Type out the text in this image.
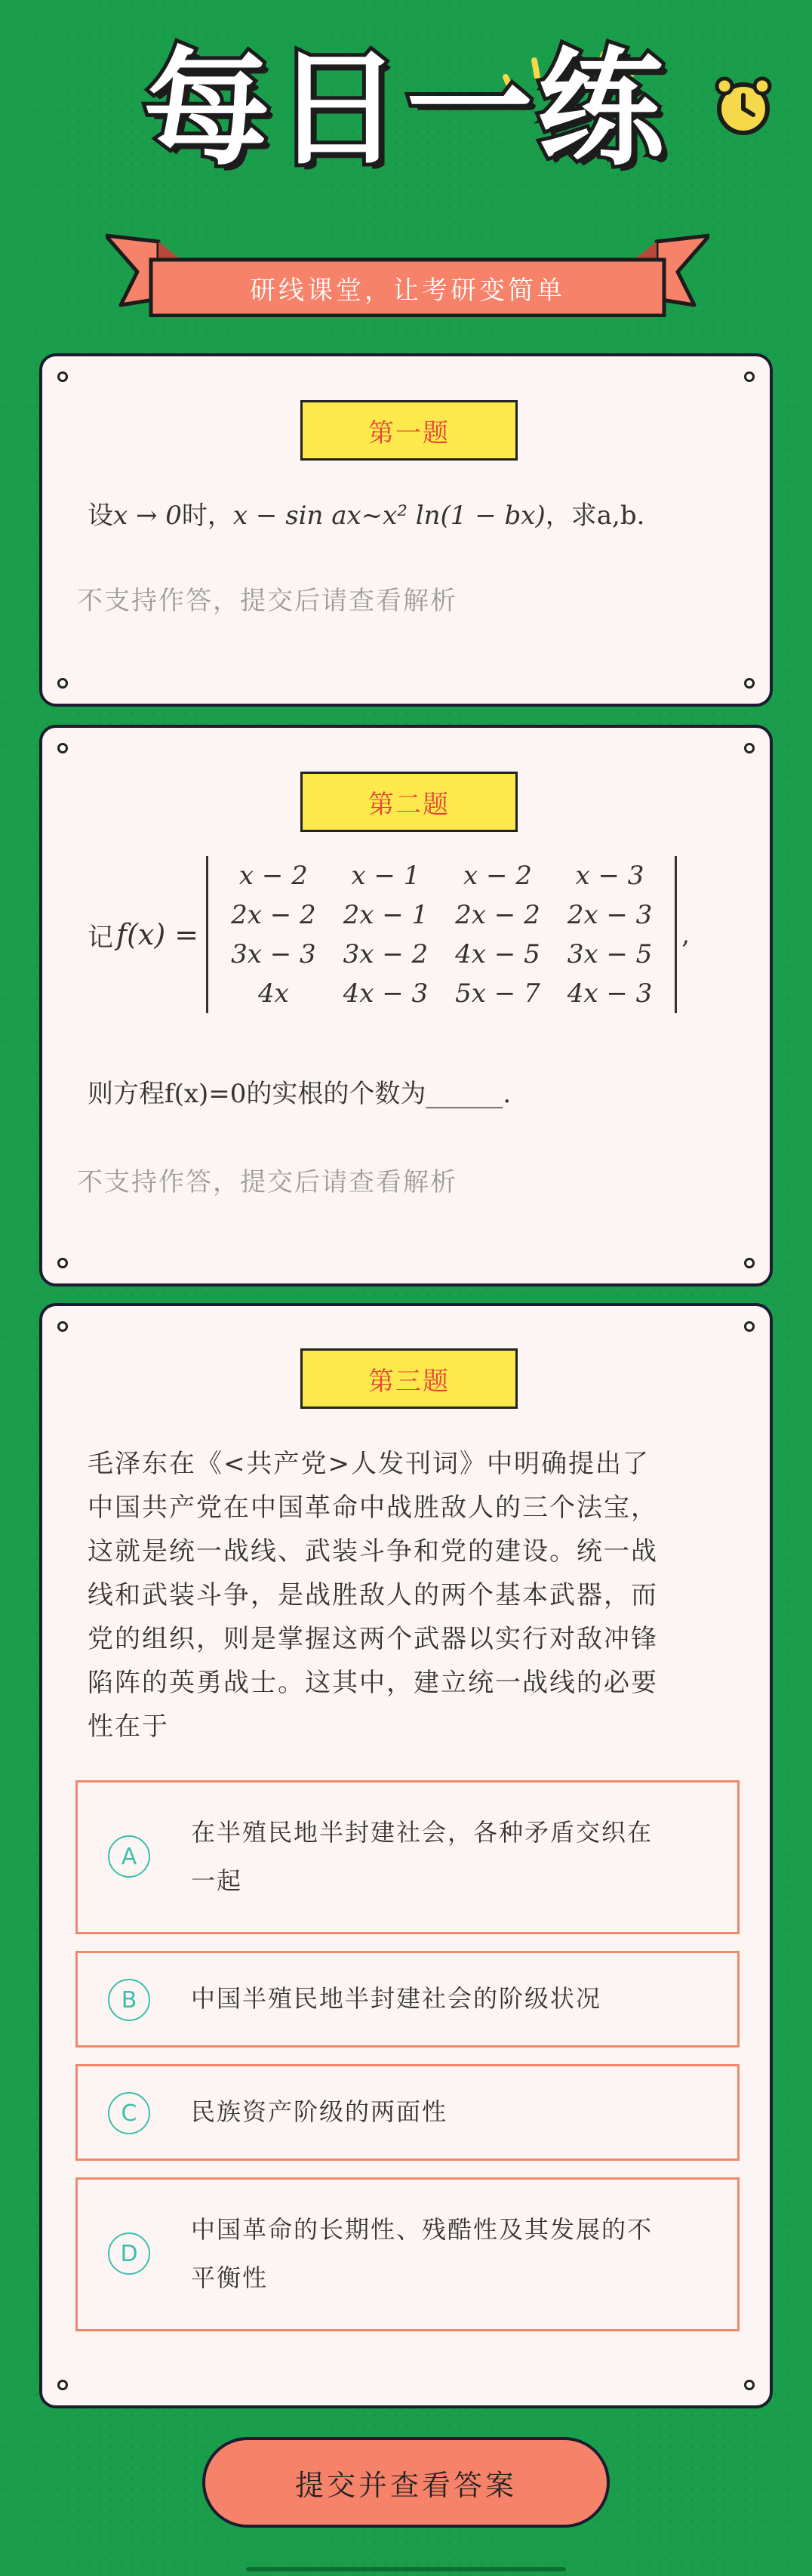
每日一练
研线课堂，让考研变简单
第一题
设x → 0时，x − sin ax~x² ln(1 − bx)，求a,b.
不支持作答，提交后请查看解析
第二题
记 f(x) =
x − 2	x − 1	x − 2	x − 3
2x − 2	2x − 1	2x − 2	2x − 3
3x − 3	3x − 2	4x − 5	3x − 5
4x	4x − 3	5x − 7	4x − 3
,
则方程f(x)=0的实根的个数为______.
不支持作答，提交后请查看解析
第三题
毛泽东在《<共产党>人发刊词》中明确提出了
中国共产党在中国革命中战胜敌人的三个法宝，
这就是统一战线、武装斗争和党的建设。统一战
线和武装斗争，是战胜敌人的两个基本武器，而
党的组织，则是掌握这两个武器以实行对敌冲锋
陷阵的英勇战士。这其中，建立统一战线的必要
性在于
A
在半殖民地半封建社会，各种矛盾交织在
一起
B	中国半殖民地半封建社会的阶级状况
C	民族资产阶级的两面性
D
中国革命的长期性、残酷性及其发展的不
平衡性
提交并查看答案
